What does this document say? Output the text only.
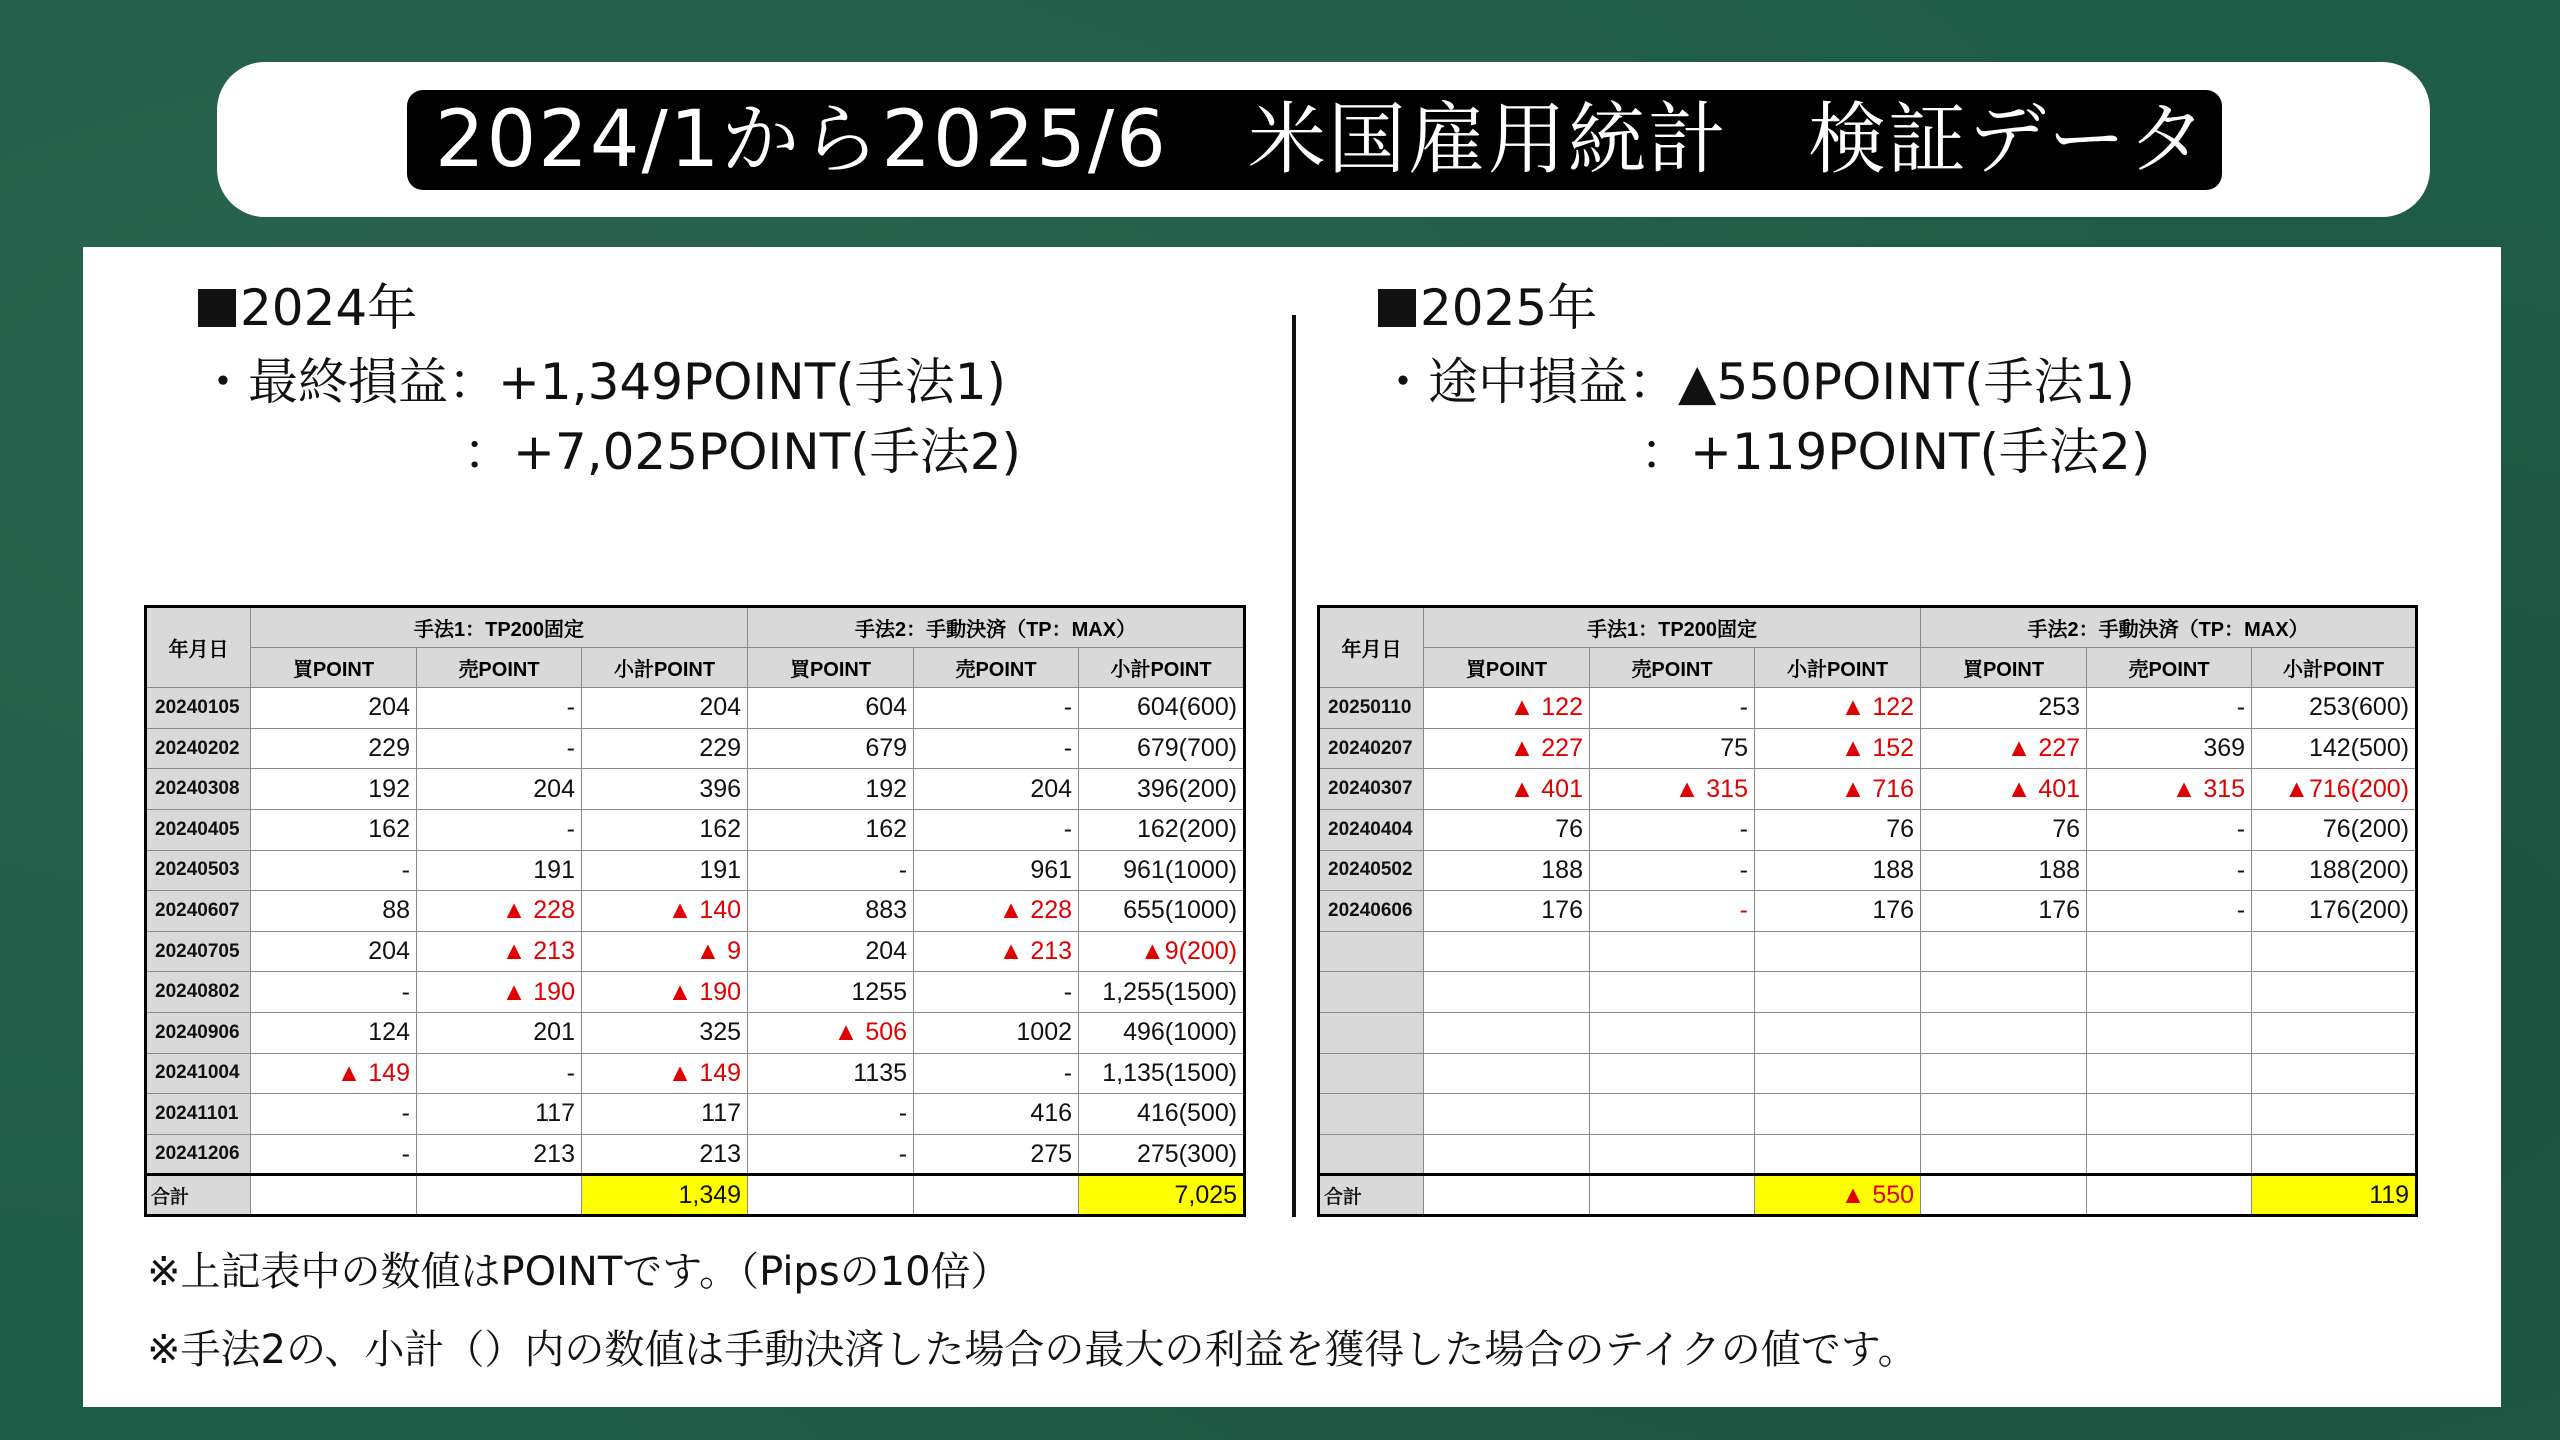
2024/1から2025/6　米国雇用統計　検証データ
2024年
・最終損益：+1,349POINT(手法1)
：+7,025POINT(手法2)
2025年
・途中損益：▲550POINT(手法1)
：+119POINT(手法2)
年月日	手法1：TP200固定			手法2：手動決済（TP：MAX）		
	買POINT	売POINT	小計POINT	買POINT	売POINT	小計POINT
20240105	204	-	204	604	-	604(600)
20240202	229	-	229	679	-	679(700)
20240308	192	204	396	192	204	396(200)
20240405	162	-	162	162	-	162(200)
20240503	-	191	191	-	961	961(1000)
20240607	88	▲ 228	▲ 140	883	▲ 228	655(1000)
20240705	204	▲ 213	▲ 9	204	▲ 213	▲9(200)
20240802	-	▲ 190	▲ 190	1255	-	1,255(1500)
20240906	124	201	325	▲ 506	1002	496(1000)
20241004	▲ 149	-	▲ 149	1135	-	1,135(1500)
20241101	-	117	117	-	416	416(500)
20241206	-	213	213	-	275	275(300)
合計			1,349			7,025
年月日	手法1：TP200固定			手法2：手動決済（TP：MAX）		
	買POINT	売POINT	小計POINT	買POINT	売POINT	小計POINT
20250110	▲ 122	-	▲ 122	253	-	253(600)
20240207	▲ 227	75	▲ 152	▲ 227	369	142(500)
20240307	▲ 401	▲ 315	▲ 716	▲ 401	▲ 315	▲716(200)
20240404	76	-	76	76	-	76(200)
20240502	188	-	188	188	-	188(200)
20240606	176	-	176	176	-	176(200)

合計			▲ 550			119
※上記表中の数値はPOINTです。（Pipsの10倍）
※手法2の、小計（）内の数値は手動決済した場合の最大の利益を獲得した場合のテイクの値です。
